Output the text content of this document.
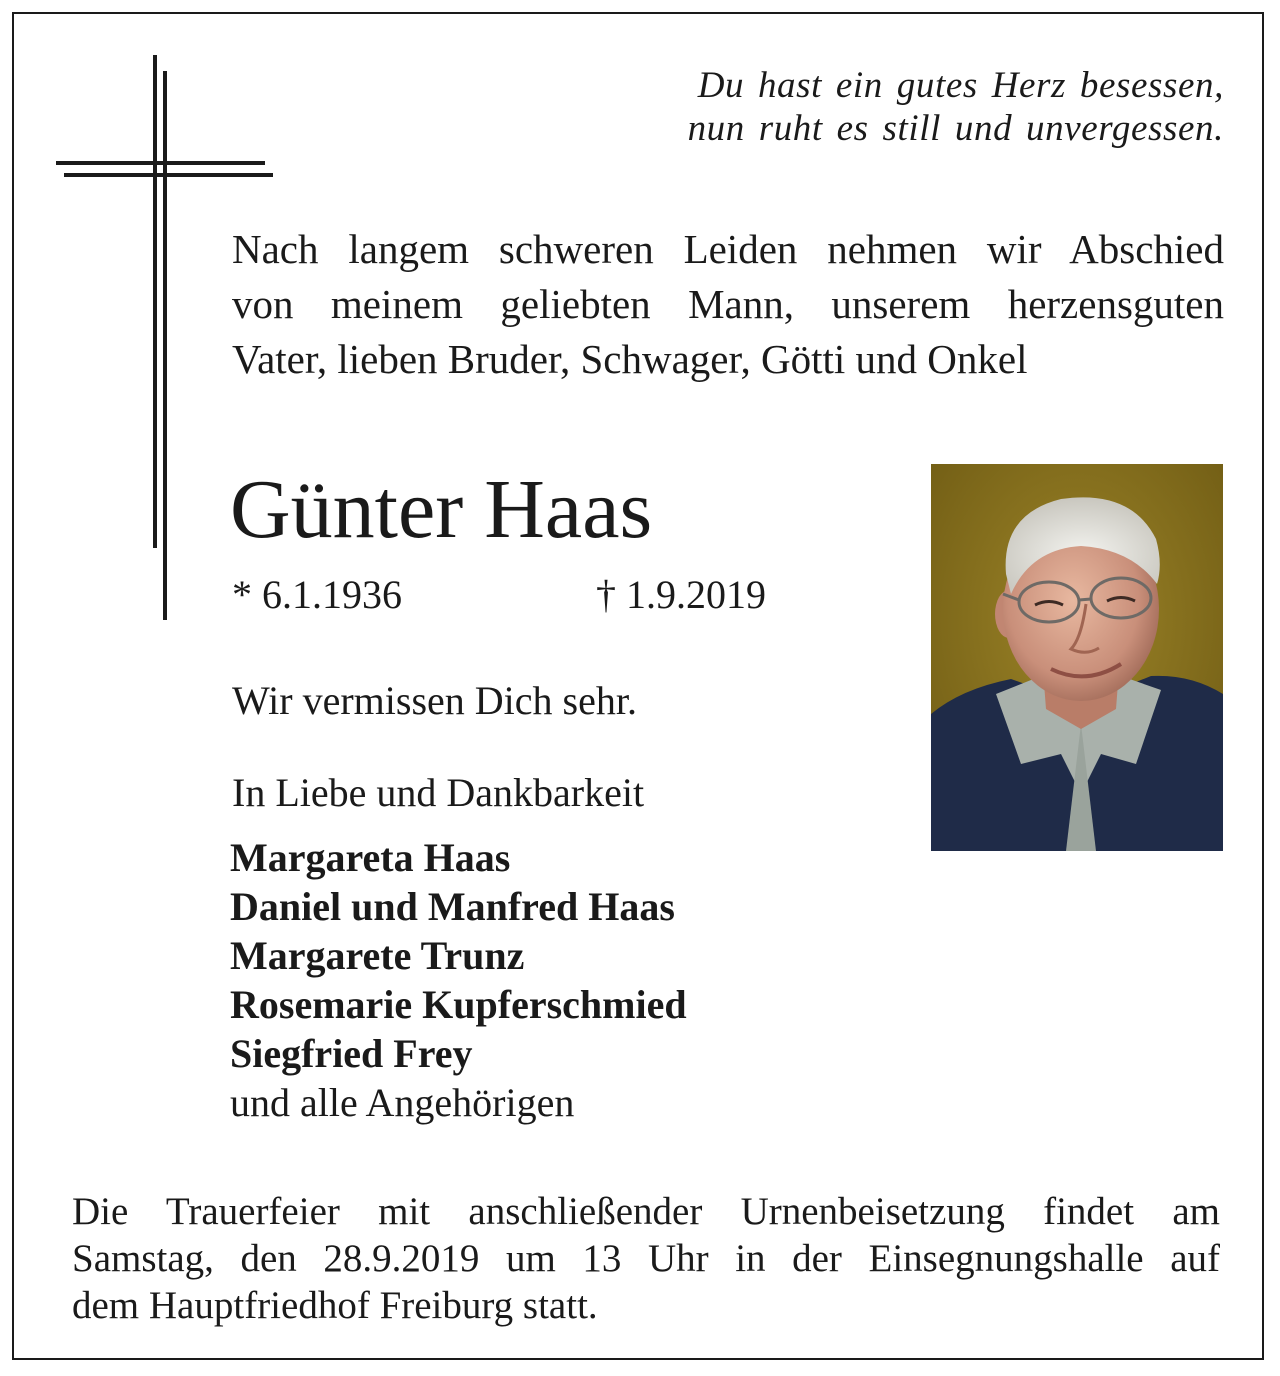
Du hast ein gutes Herz besessen,
nun ruht es still und unvergessen.
Nach langem schweren Leiden nehmen wir Abschied
von meinem geliebten Mann, unserem herzensguten
Vater, lieben Bruder, Schwager, Götti und Onkel
Günter Haas
* 6.1.1936	† 1.9.2019
Wir vermissen Dich sehr.
In Liebe und Dankbarkeit
Margareta Haas
Daniel und Manfred Haas
Margarete Trunz
Rosemarie Kupferschmied
Siegfried Frey
und alle Angehörigen
Die Trauerfeier mit anschließender Urnenbeisetzung findet am
Samstag, den 28.9.2019 um 13 Uhr in der Einsegnungshalle auf
dem Hauptfriedhof Freiburg statt.
